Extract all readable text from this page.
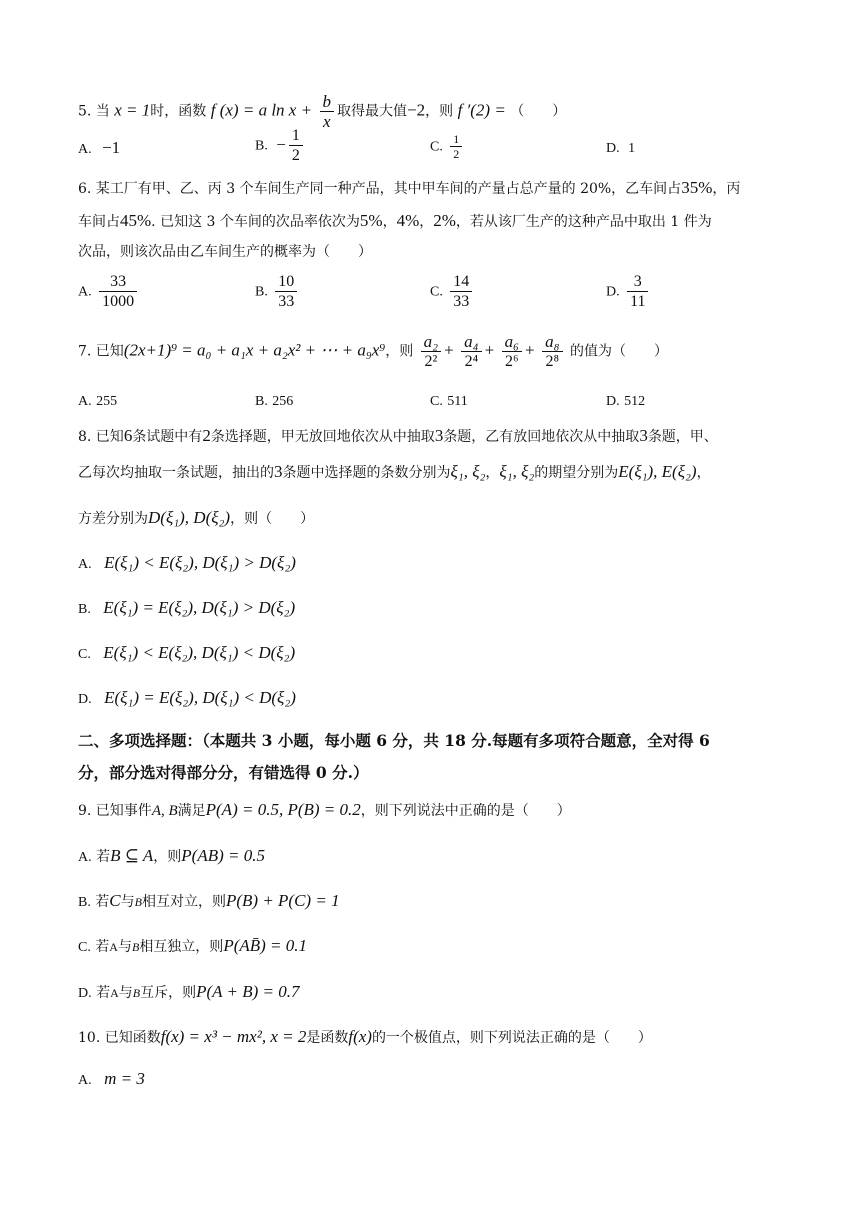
5. 当 x = 1时，函数 f (x) = a $\ln x + \frac{b}{x}$ 取得最大值−2，则 f ′(2) = （　　）
A. −1	B. − $\frac{1}{2}$	C. $\frac{1}{2}$	D. 1
6. 某工厂有甲、乙、丙 3 个车间生产同一种产品，其中甲车间的产量占总产量的 20%，乙车间占35%，丙
车间占45%. 已知这 3 个车间的次品率依次为5%，4%，2%，若从该厂生产的这种产品中取出 1 件为
次品，则该次品由乙车间生产的概率为（　　）
A. $\frac{33}{1000}$	B. $\frac{10}{33}$	C. $\frac{14}{33}$	D. $\frac{3}{11}$
7. 已知(2x+1)⁹ = a₀ + a₁x + a₂x² + ⋯ + a₉x⁹，则 $\frac{\text{a₂}}{\text{2²}} + \frac{\text{a₄}}{\text{2⁴}} + \frac{\text{a₆}}{\text{2⁶}} + \frac{\text{a₈}}{\text{2⁸}}$ 的值为（　　）
A. 255	B. 256	C. 511	D. 512
8. 已知6条试题中有2条选择题，甲无放回地依次从中抽取3条题，乙有放回地依次从中抽取3条题，甲、
乙每次均抽取一条试题，抽出的3条题中选择题的条数分别为ξ₁, ξ₂，ξ₁, ξ₂的期望分别为E(ξ₁), E(ξ₂)，
方差分别为D(ξ₁), D(ξ₂)，则（　　）
A. E(ξ₁) < E(ξ₂), D(ξ₁) > D(ξ₂)
B. E(ξ₁) = E(ξ₂), D(ξ₁) > D(ξ₂)
C. E(ξ₁) < E(ξ₂), D(ξ₁) < D(ξ₂)
D. E(ξ₁) = E(ξ₂), D(ξ₁) < D(ξ₂)
二、多项选择题：（本题共 3 小题，每小题 6 分，共 18 分.每题有多项符合题意，全对得 6
分，部分选对得部分分，有错选得 0 分.）
9. 已知事件A, B满足P(A) = 0.5, P(B) = 0.2，则下列说法中正确的是（　　）
A. 若B ⊆ A，则P(AB) = 0.5
B. 若C与B相互对立，则P(B) + P(C) = 1
C. 若A与B相互独立，则P(AB̄) = 0.1
D. 若A与B互斥，则P(A + B) = 0.7
10. 已知函数f(x) = x³ − mx², x = 2是函数f(x)的一个极值点，则下列说法正确的是（　　）
A. m = 3
